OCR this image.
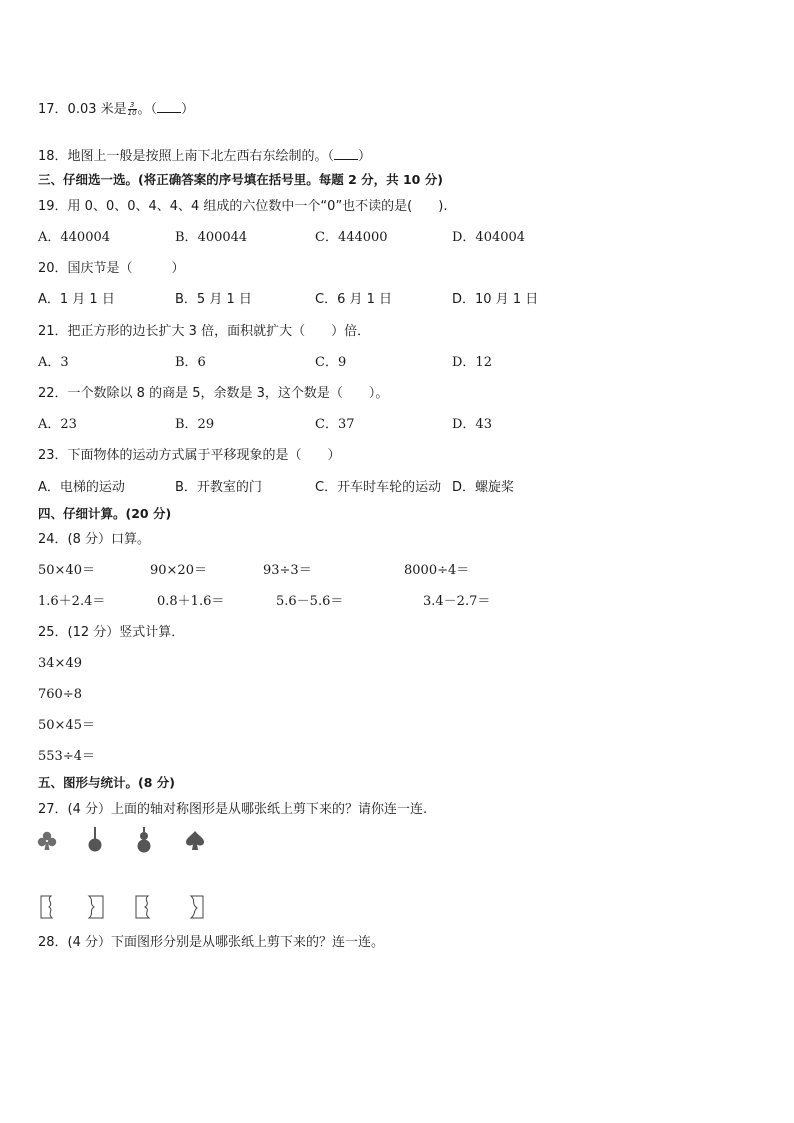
17．0.03 米是 $\frac{3}{10}$ 。（ ）
18．地图上一般是按照上南下北左西右东绘制的。（ ）
三、仔细选一选。(将正确答案的序号填在括号里。每题 2 分，共 10 分)
19．用 0、0、0、4、4、4 组成的六位数中一个“0”也不读的是(　　).
A．440004	B．400044	C．444000	D．404004
20．国庆节是（　　　）
A．1 月 1 日	B．5 月 1 日	C．6 月 1 日	D．10 月 1 日
21．把正方形的边长扩大 3 倍，面积就扩大（　　）倍．
A．3	B．6	C．9	D．12
22．一个数除以 8 的商是 5，余数是 3，这个数是（　　）。
A．23	B．29	C．37	D．43
23．下面物体的运动方式属于平移现象的是（　　）
A．电梯的运动	B．开教室的门	C．开车时车轮的运动 D．螺旋桨
四、仔细计算。(20 分)
24．(8 分）口算。
50×40＝	90×20＝	93÷3＝	8000÷4＝
1.6＋2.4＝	0.8＋1.6＝	5.6－5.6＝	3.4－2.7＝
25．(12 分）竖式计算．
34×49
760÷8
50×45＝
553÷4＝
五、图形与统计。(8 分)
27．(4 分）上面的轴对称图形是从哪张纸上剪下来的？请你连一连.
28．(4 分）下面图形分别是从哪张纸上剪下来的？连一连。
